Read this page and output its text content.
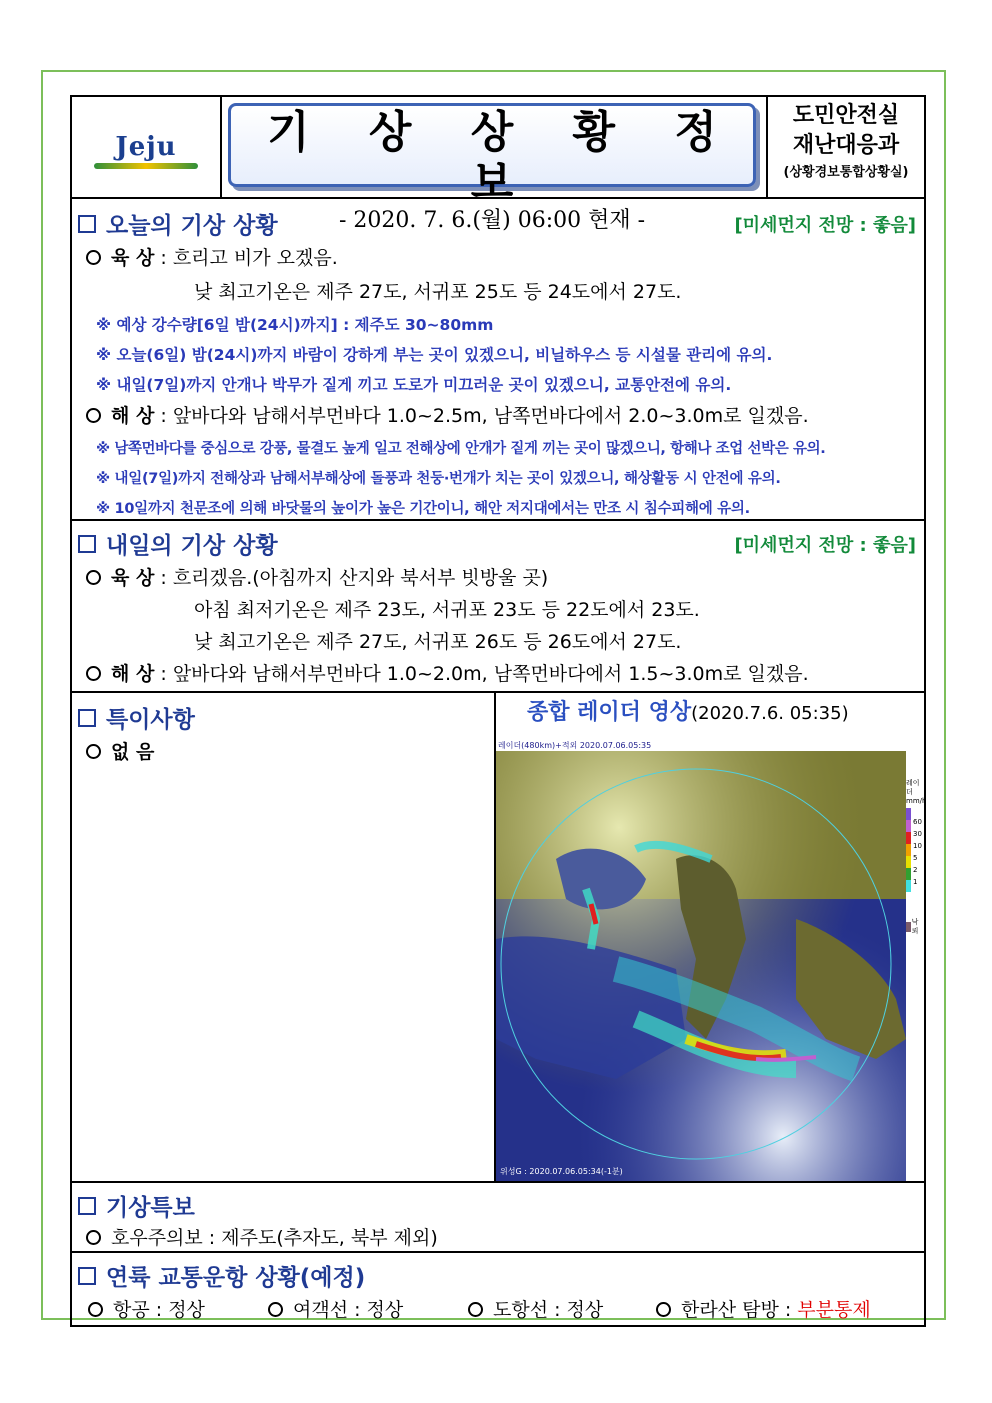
Jeju	기 상 상 황 정 보
- 2020. 7. 6.(월) 06:00 현재 -
도민안전실
재난대응과
(상황경보통합상황실)
오늘의 기상 상황	[미세먼지 전망 : 좋음]
육 상 : 흐리고 비가 오겠음.
낮 최고기온은 제주 27도, 서귀포 25도 등 24도에서 27도.
※ 예상 강수량[6일 밤(24시)까지] : 제주도 30~80mm
※ 오늘(6일) 밤(24시)까지 바람이 강하게 부는 곳이 있겠으니, 비닐하우스 등 시설물 관리에 유의.
※ 내일(7일)까지 안개나 박무가 짙게 끼고 도로가 미끄러운 곳이 있겠으니, 교통안전에 유의.
해 상 : 앞바다와 남해서부먼바다 1.0~2.5m, 남쪽먼바다에서 2.0~3.0m로 일겠음.
※ 남쪽먼바다를 중심으로 강풍, 물결도 높게 일고 전해상에 안개가 짙게 끼는 곳이 많겠으니, 항해나 조업 선박은 유의.
※ 내일(7일)까지 전해상과 남해서부해상에 돌풍과 천둥·번개가 치는 곳이 있겠으니, 해상활동 시 안전에 유의.
※ 10일까지 천문조에 의해 바닷물의 높이가 높은 기간이니, 해안 저지대에서는 만조 시 침수피해에 유의.
내일의 기상 상황	[미세먼지 전망 : 좋음]
육 상 : 흐리겠음.(아침까지 산지와 북서부 빗방울 곳)
아침 최저기온은 제주 23도, 서귀포 23도 등 22도에서 23도.
낮 최고기온은 제주 27도, 서귀포 26도 등 26도에서 27도.
해 상 : 앞바다와 남해서부먼바다 1.0~2.0m, 남쪽먼바다에서 1.5~3.0m로 일겠음.
특이사항
없 음
종합 레이더 영상(2020.7.6. 05:35)
레이더(480km)+적외 2020.07.06.05:35
위성G : 2020.07.06.05:34(-1분)
레이더
mm/h
60
30
10
5
2
1
낙뢰
기상특보
호우주의보 : 제주도(추자도, 북부 제외)
연륙 교통운항 상황(예정)
항공 : 정상	여객선 : 정상	도항선 : 정상	한라산 탐방 : 부분통제
